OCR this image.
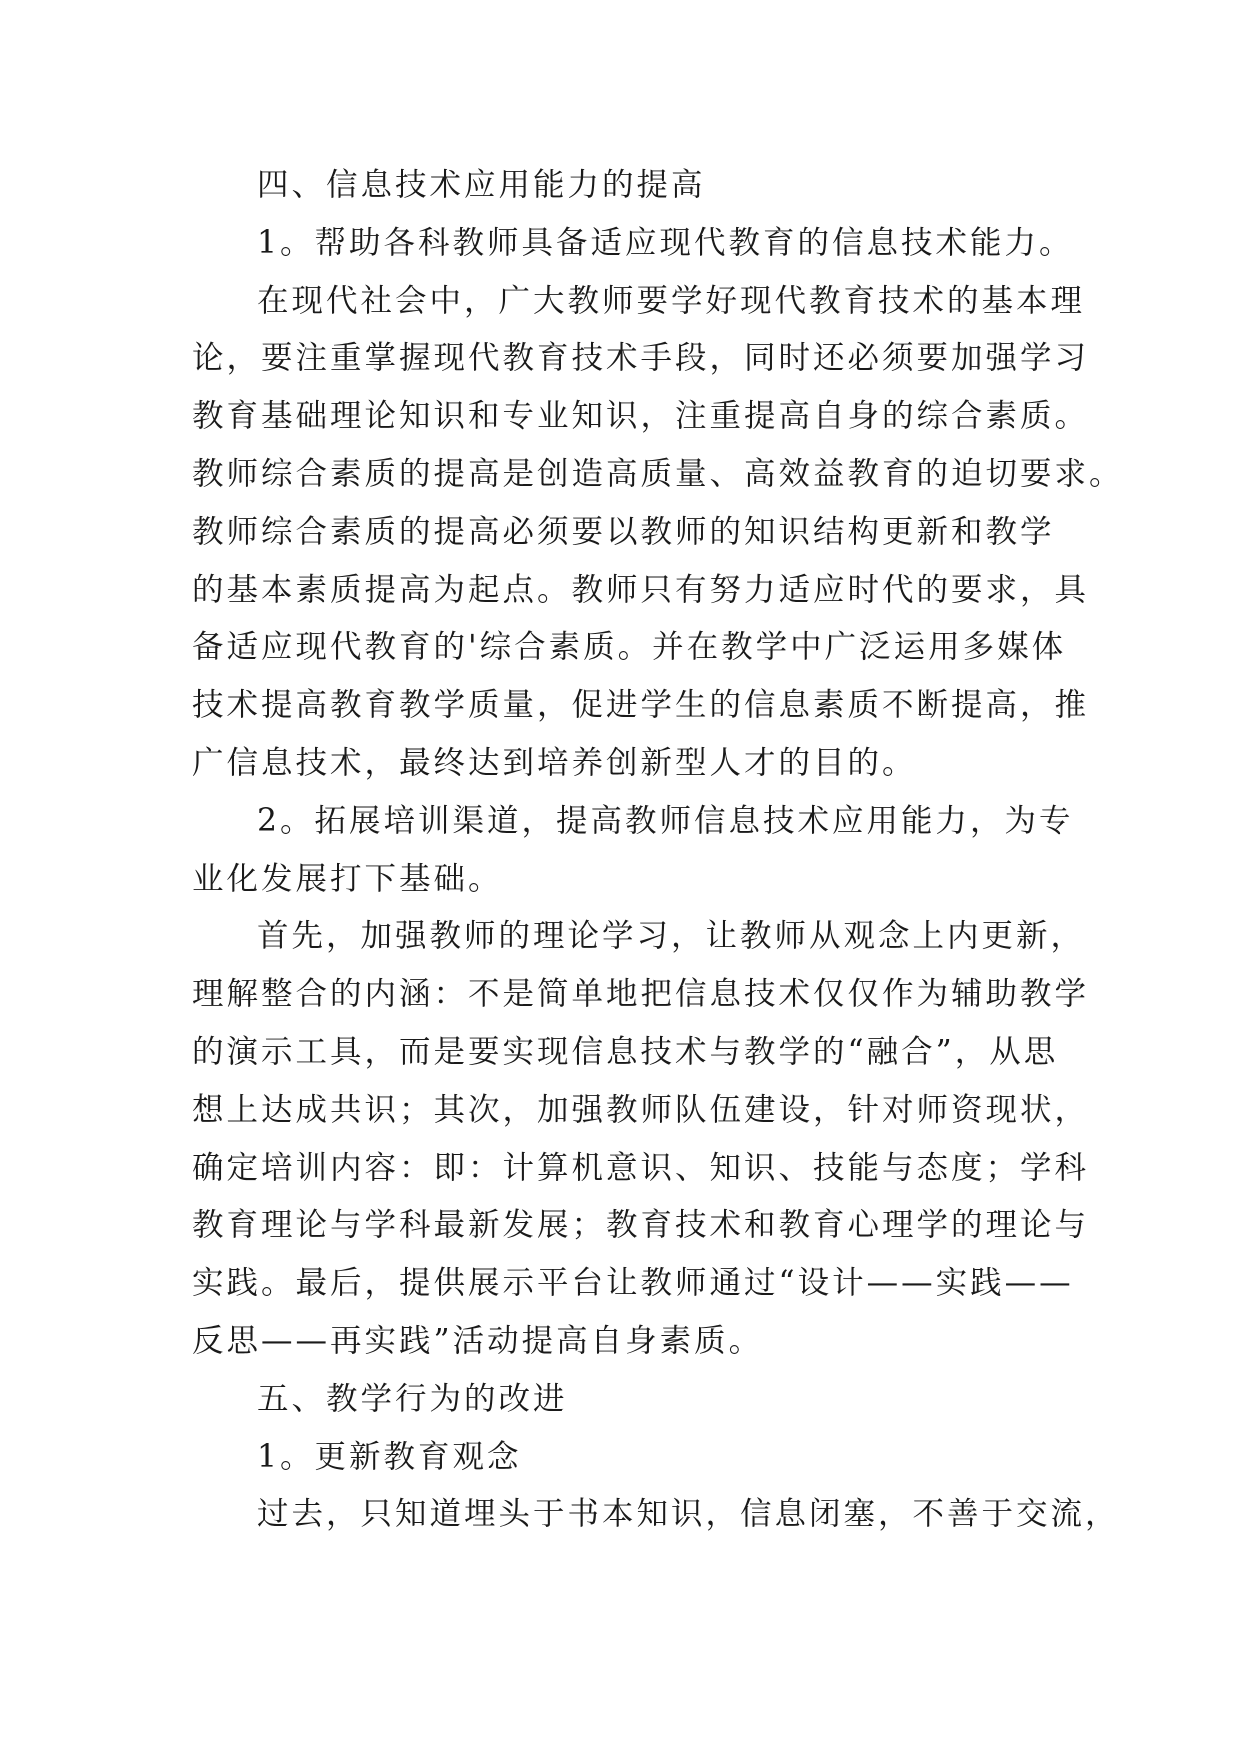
四、信息技术应用能力的提高
1。帮助各科教师具备适应现代教育的信息技术能力。
在现代社会中，广大教师要学好现代教育技术的基本理
论，要注重掌握现代教育技术手段，同时还必须要加强学习
教育基础理论知识和专业知识，注重提高自身的综合素质。
教师综合素质的提高是创造高质量、高效益教育的迫切要求。
教师综合素质的提高必须要以教师的知识结构更新和教学
的基本素质提高为起点。教师只有努力适应时代的要求，具
备适应现代教育的'综合素质。并在教学中广泛运用多媒体
技术提高教育教学质量，促进学生的信息素质不断提高，推
广信息技术，最终达到培养创新型人才的目的。
2。拓展培训渠道，提高教师信息技术应用能力，为专
业化发展打下基础。
首先，加强教师的理论学习，让教师从观念上内更新，
理解整合的内涵：不是简单地把信息技术仅仅作为辅助教学
的演示工具，而是要实现信息技术与教学的“融合”，从思
想上达成共识；其次，加强教师队伍建设，针对师资现状，
确定培训内容：即：计算机意识、知识、技能与态度；学科
教育理论与学科最新发展；教育技术和教育心理学的理论与
实践。最后，提供展示平台让教师通过“设计——实践——
反思——再实践”活动提高自身素质。
五、教学行为的改进
1。更新教育观念
过去，只知道埋头于书本知识，信息闭塞，不善于交流，
